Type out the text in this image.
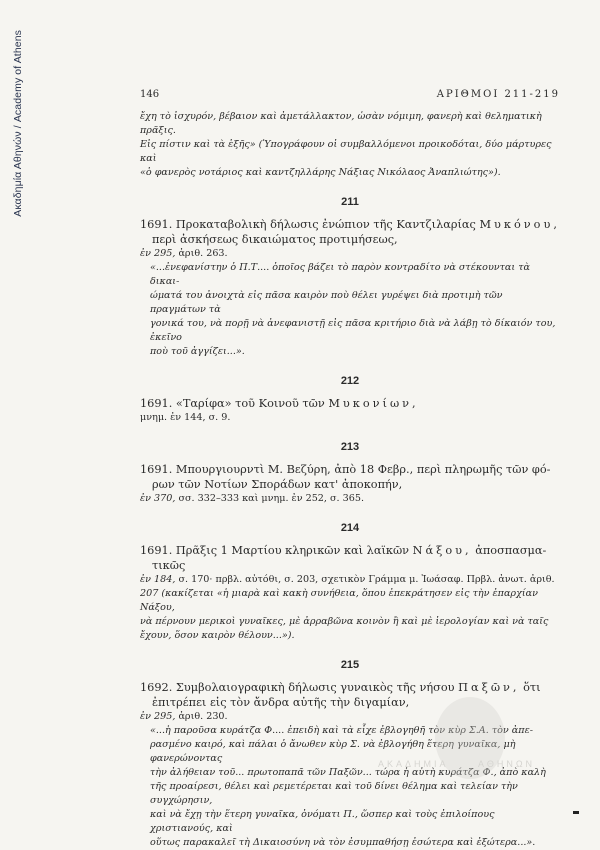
Ακαδημία Αθηνών / Academy of Athens	146	ΑΡΙΘΜΟΙ 211-219
ἔχη τὸ ἰσχυρόν, βέβαιον καὶ ἀμετάλλακτον, ὡσὰν νόμιμη, φανερὴ καὶ θεληματικὴ πρᾶξις.
Εἰς πίστιν καὶ τὰ ἑξῆς» (Ὑπογράφουν οἱ συμβαλλόμενοι προικοδόται, δύο μάρτυρες καὶ
«ὁ φανερὸς νοτάριος καὶ καντζηλλάρης Νάξιας Νικόλαος Ἀναπλιώτης»).
211
1691. Προκαταβολικὴ δήλωσις ἐνώπιον τῆς Καντζιλαρίας Μυκόνου,
περὶ ἀσκήσεως δικαιώματος προτιμήσεως,
ἐν 295, ἀριθ. 263.
«...ἐνεφανίστην ὁ Π.Τ.... ὁποῖος βάζει τὸ παρὸν κοντραδίτο νὰ στέκουνται τὰ δικαι-
ώματά του ἀνοιχτὰ εἰς πᾶσα καιρὸν ποὺ θέλει γυρέψει διὰ προτιμὴ τῶν πραγμάτων τὰ
γονικά του, νὰ πορῇ νὰ ἀνεφανιστῇ εἰς πᾶσα κριτήριο διὰ νὰ λάβῃ τὸ δίκαιόν του, ἐκεῖνο
ποὺ τοῦ ἀγγίζει...».
212
1691. «Ταρίφα» τοῦ Κοινοῦ τῶν Μυκονίων,
μνημ. ἐν 144, σ. 9.
213
1691. Μπουργιουρντὶ Μ. Βεζύρη, ἀπὸ 18 Φεβρ., περὶ πληρωμῆς τῶν φό-
ρων τῶν Νοτίων Σποράδων κατ' ἀποκοπήν,
ἐν 370, σσ. 332–333 καὶ μνημ. ἐν 252, σ. 365.
214
1691. Πρᾶξις 1 Μαρτίου κληρικῶν καὶ λαϊκῶν Νάξου, ἀποσπασμα-
τικῶς
ἐν 184, σ. 170· πρβλ. αὐτόθι, σ. 203, σχετικὸν Γράμμα μ. Ἰωάσαφ. Πρβλ. ἀνωτ. ἀριθ.
207 (κακίζεται «ἡ μιαρὰ καὶ κακὴ συνήθεια, ὅπου ἐπεκράτησεν εἰς τὴν ἐπαρχίαν Νάξου,
νὰ πέρνουν μερικοὶ γυναῖκες, μὲ ἀρραβῶνα κοινὸν ἢ καὶ μὲ ἱερολογίαν καὶ νὰ ταῖς
ἔχουν, ὅσον καιρὸν θέλουν...»).
215
1692. Συμβολαιογραφικὴ δήλωσις γυναικὸς τῆς νήσου Παξῶν, ὅτι
ἐπιτρέπει εἰς τὸν ἄνδρα αὐτῆς τὴν διγαμίαν,
ἐν 295, ἀριθ. 230.
«...ἡ παροῦσα κυράτζα Φ.... ἐπειδὴ καὶ τὰ εἶχε ἐβλογηθῆ τὸν κὺρ Σ.Α. τὸν ἀπε-
ρασμένο καιρό, καὶ πάλαι ὁ ἄνωθεν κὺρ Σ. νὰ ἐβλογήθη ἕτερη γυναῖκα, μὴ φανερώνοντας
τὴν ἀλήθειαν τοῦ... πρωτοπαπᾶ τῶν Παξῶν... τώρα ἡ αὐτὴ κυράτζα Φ., ἀπὸ καλὴ
τῆς προαίρεσι, θέλει καὶ ρεμετέρεται καὶ τοῦ δίνει θέλημα καὶ τελείαν τὴν συγχώρησιν,
καὶ νὰ ἔχῃ τὴν ἕτερη γυναῖκα, ὀνόματι Π., ὥσπερ καὶ τοὺς ἐπιλοίπους χριστιανούς, καὶ
οὕτως παρακαλεῖ τὴ Δικαιοσύνη νὰ τὸν ἐσυμπαθήσῃ ἐσώτερα καὶ ἐξώτερα...».
ΑΚΑΔΗΜΙΑ	ΑΘΗΝΩΝ
